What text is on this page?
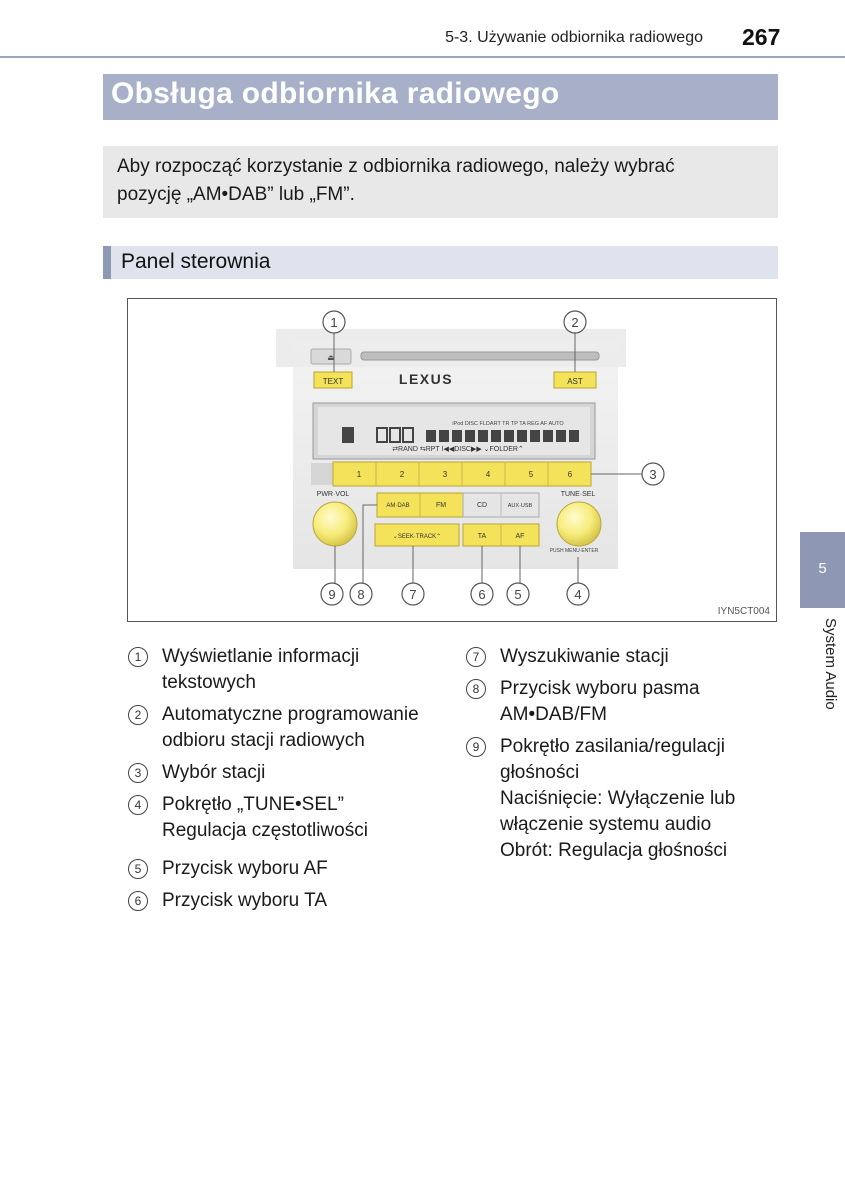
5-3. Używanie odbiornika radiowego 267
Obsługa odbiornika radiowego
Aby rozpocząć korzystanie z odbiornika radiowego, należy wybrać
pozycję „AM•DAB” lub „FM”.
Panel sterownia
⏏
TEXT	AST
LEXUS
iPod DISC FLDART TR TP TA REG AF AUTO
⇄RAND ⇆RPT I◀◀DISC▶▶ ⌄FOLDER⌃
1	2	3	4	5	6
PWR·VOL	TUNE·SEL
PUSH MENU·ENTER
AM·DAB	FM	CD	AUX·USB
⌄SEEK·TRACK⌃	TA	AF
1	2
3
4
5
6
7
8
9
IYN5CT004
1	Wyświetlanie informacji
tekstowych
2	Automatyczne programowanie
odbioru stacji radiowych
3	Wybór stacji
4	Pokrętło „TUNE•SEL”
Regulacja częstotliwości
5	Przycisk wyboru AF
6	Przycisk wyboru TA
7	Wyszukiwanie stacji
8	Przycisk wyboru pasma
AM•DAB/FM
9	Pokrętło zasilania/regulacji
głośności
Naciśnięcie: Wyłączenie lub
włączenie systemu audio
Obrót: Regulacja głośności
5
System Audio
